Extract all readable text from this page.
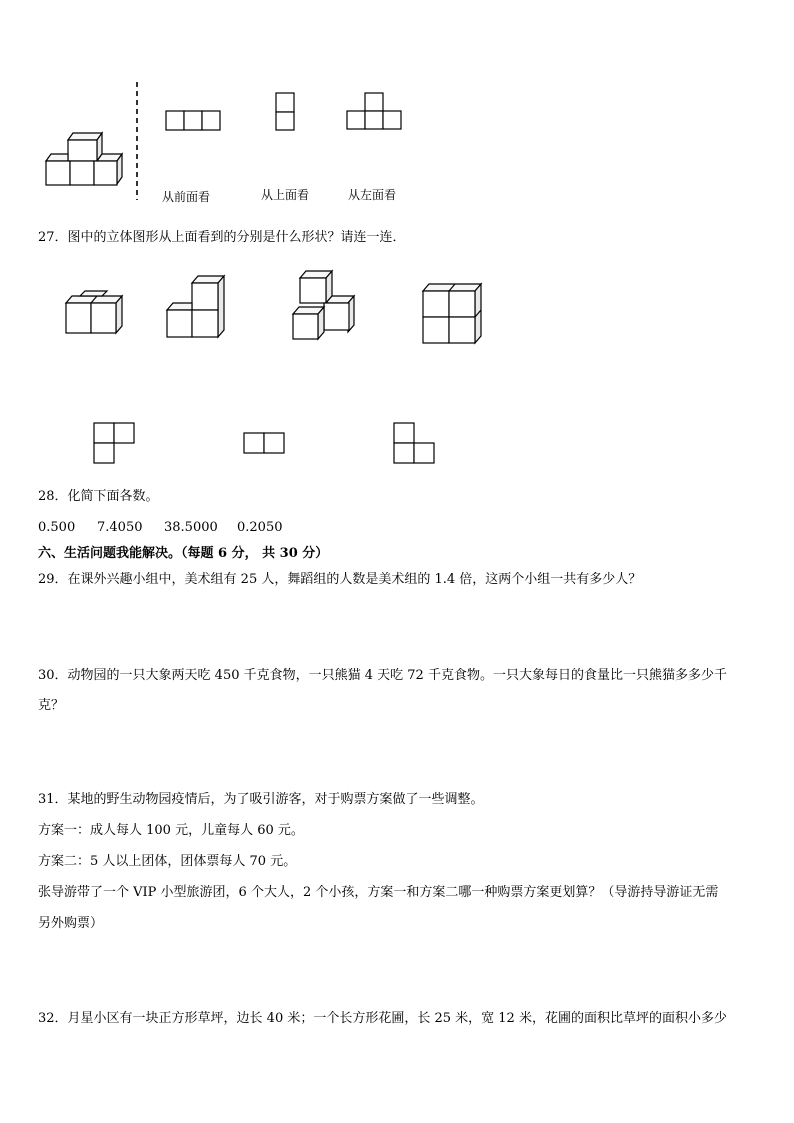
从前面看	从上面看	从左面看
27．图中的立体图形从上面看到的分别是什么形状？请连一连．
28．化简下面各数。
0.500 7.4050 38.5000 0.2050
六、生活问题我能解决。（每题 6 分， 共 30 分）
29．在课外兴趣小组中，美术组有 25 人，舞蹈组的人数是美术组的 1.4 倍，这两个小组一共有多少人？
30．动物园的一只大象两天吃 450 千克食物，一只熊猫 4 天吃 72 千克食物。一只大象每日的食量比一只熊猫多多少千
克？
31．某地的野生动物园疫情后，为了吸引游客，对于购票方案做了一些调整。
方案一：成人每人 100 元，儿童每人 60 元。
方案二：5 人以上团体，团体票每人 70 元。
张导游带了一个 VIP 小型旅游团，6 个大人，2 个小孩，方案一和方案二哪一种购票方案更划算？（导游持导游证无需
另外购票）
32．月星小区有一块正方形草坪，边长 40 米；一个长方形花圃，长 25 米，宽 12 米，花圃的面积比草坪的面积小多少
